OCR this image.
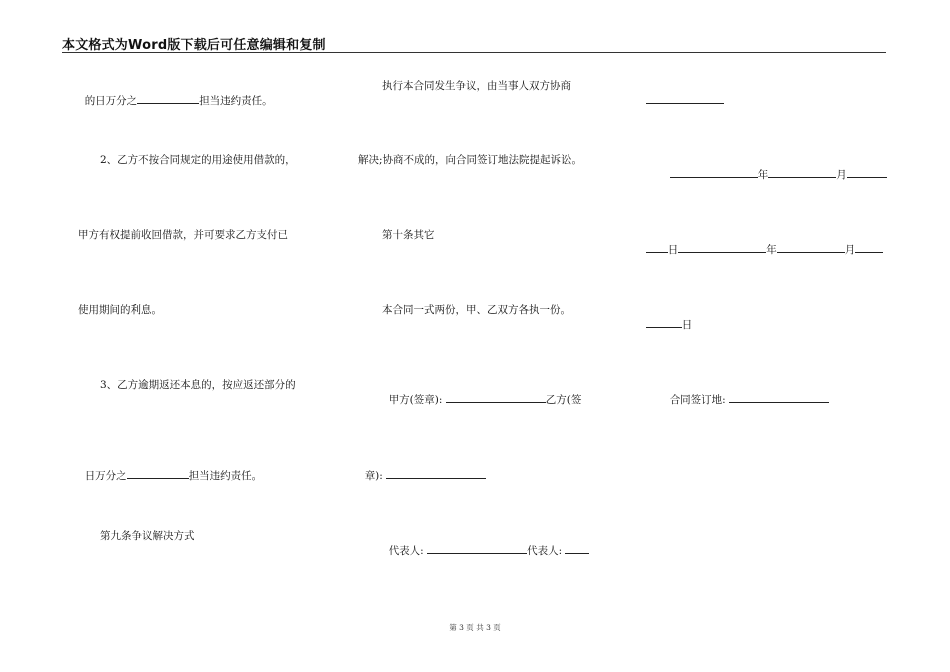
本文格式为Word版下载后可任意编辑和复制

的日万分之	担当违约责任。

2、乙方不按合同规定的用途使用借款的，
甲方有权提前收回借款，并可要求乙方支付已
使用期间的利息。
3、乙方逾期返还本息的，按应返还部分的

日万分之	担当违约责任。

第九条争议解决方式
执行本合同发生争议，由当事人双方协商
解决;协商不成的，向合同签订地法院提起诉讼。
第十条其它
本合同一式两份，甲、乙双方各执一份。

甲方(签章):	乙方(签

章):

代表人:	代表人:

年	月

日	年	月

日

合同签订地:

第 3 页 共 3 页
